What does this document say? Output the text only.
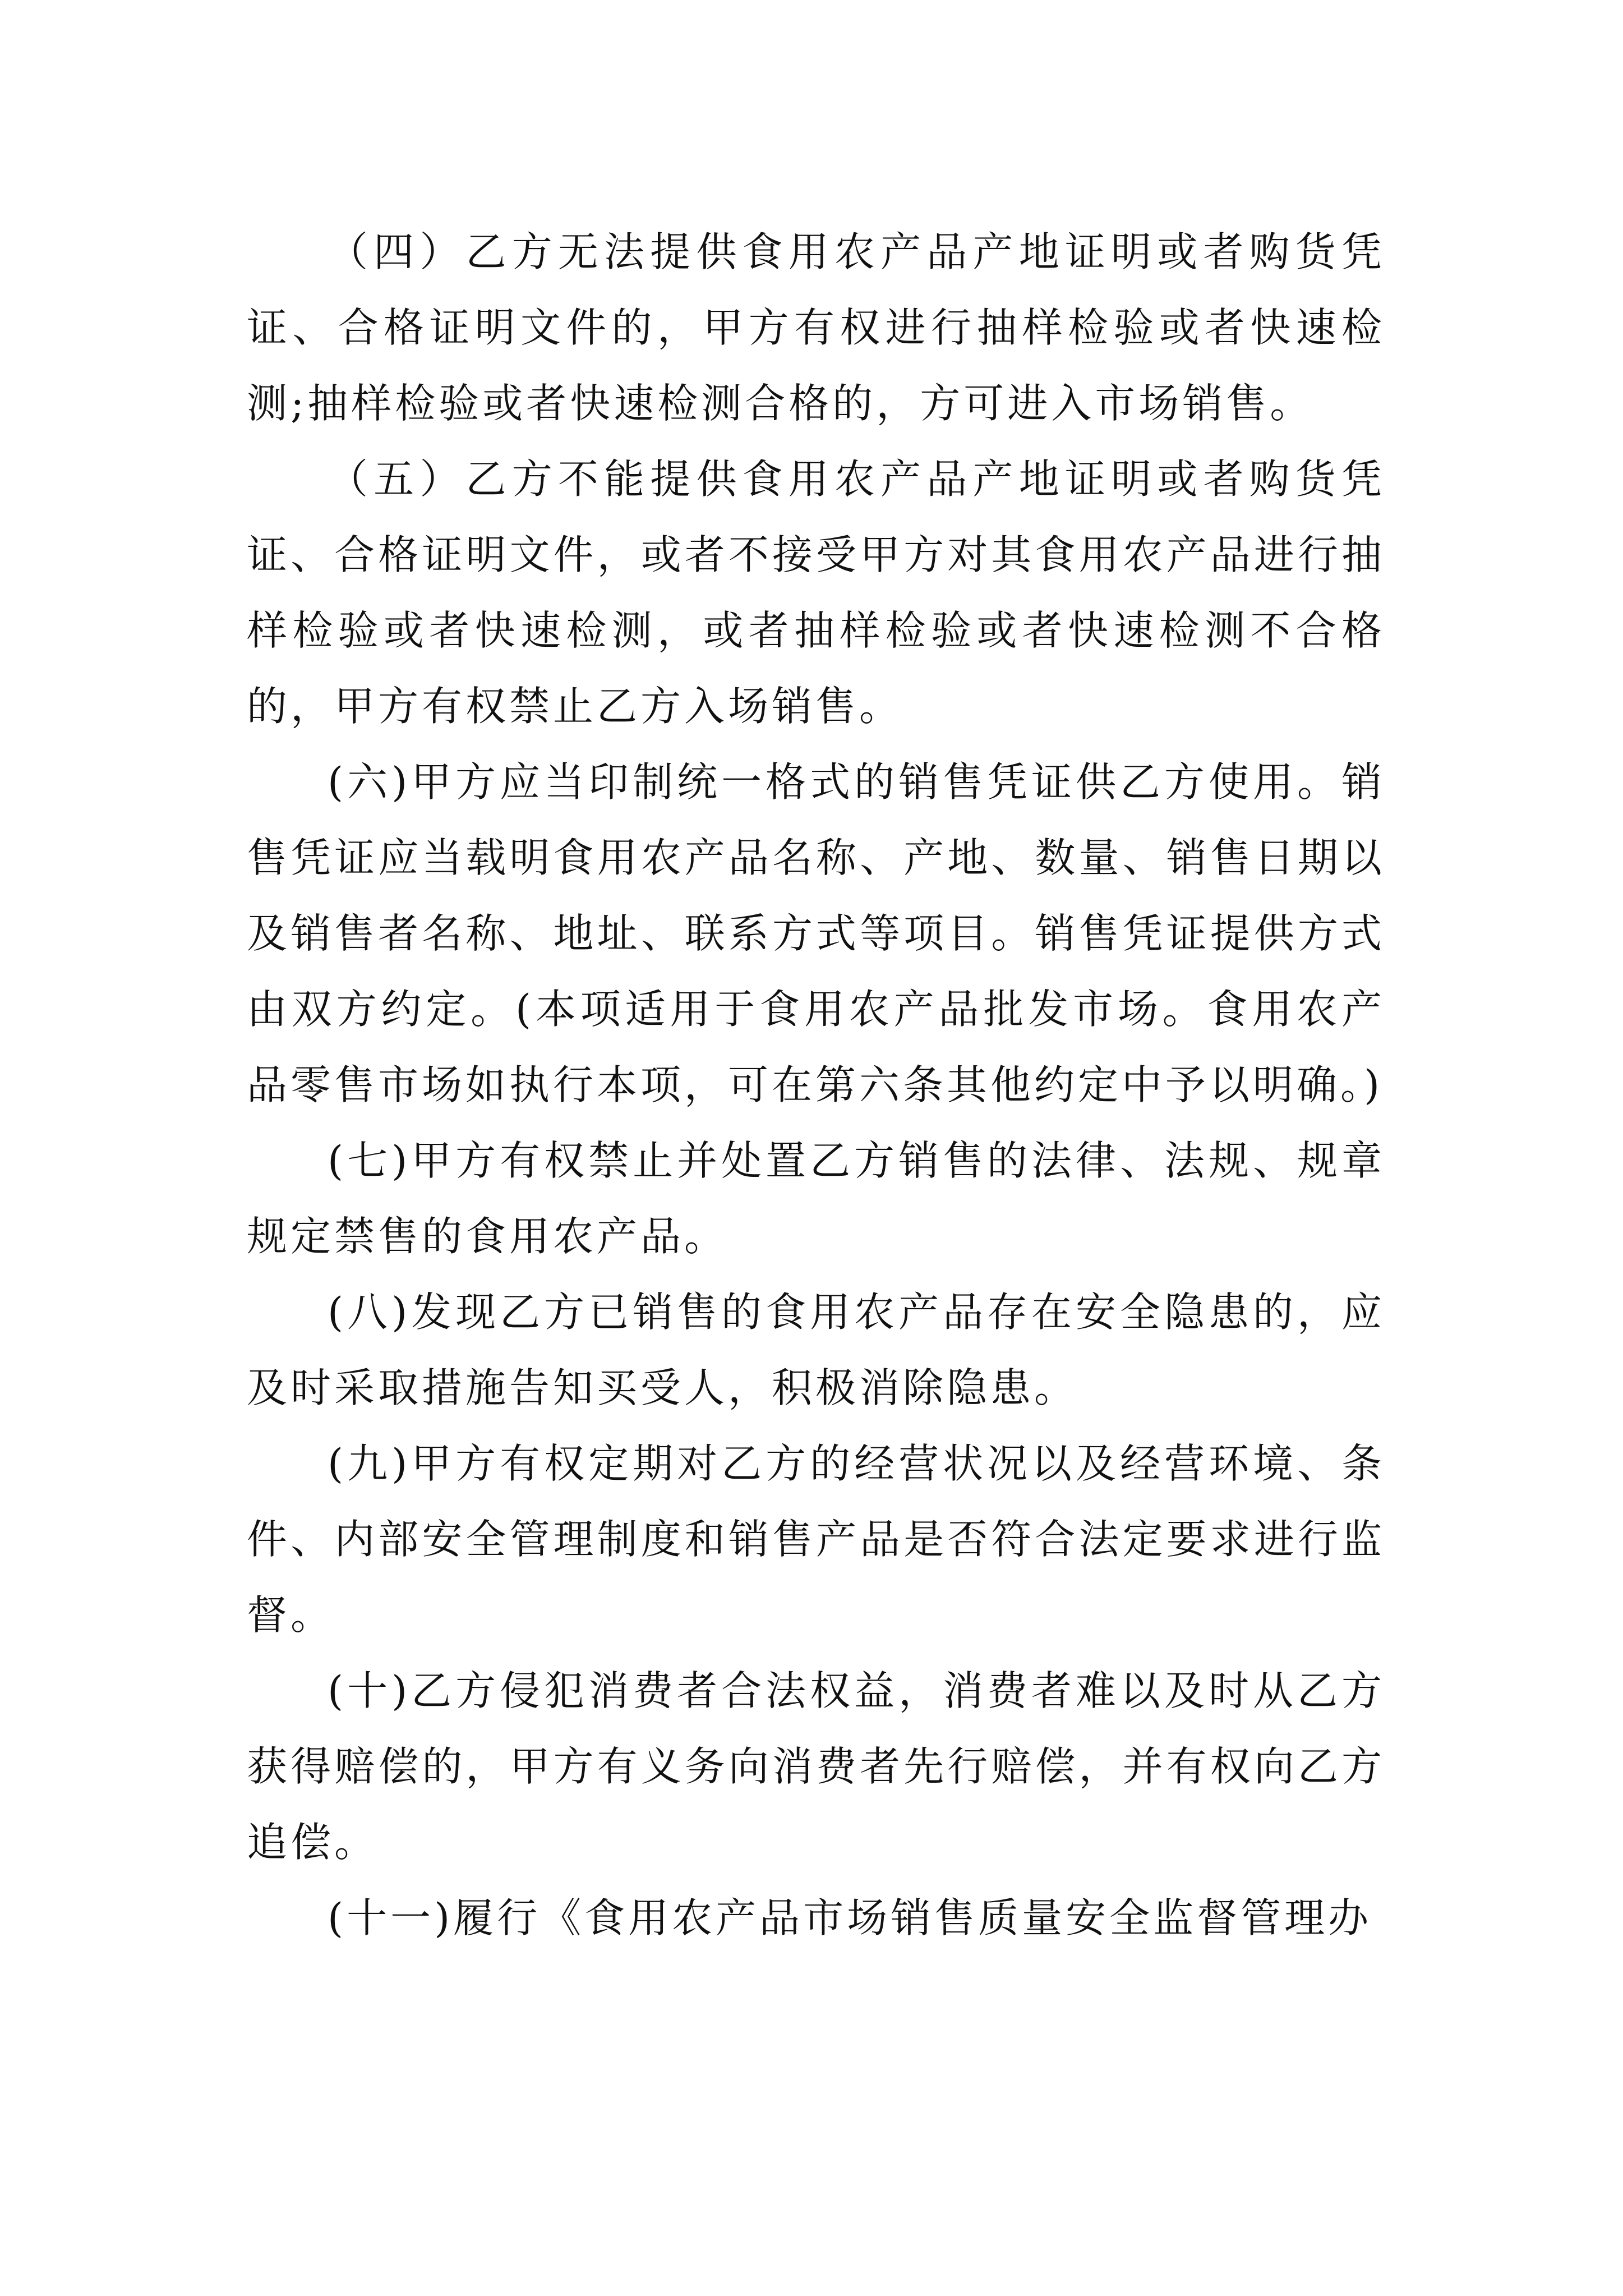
（四）乙方无法提供食用农产品产地证明或者购货凭证、合格证明文件的，甲方有权进行抽样检验或者快速检测;抽样检验或者快速检测合格的，方可进入市场销售。

（五）乙方不能提供食用农产品产地证明或者购货凭证、合格证明文件，或者不接受甲方对其食用农产品进行抽样检验或者快速检测，或者抽样检验或者快速检测不合格的，甲方有权禁止乙方入场销售。

(六)甲方应当印制统一格式的销售凭证供乙方使用。销售凭证应当载明食用农产品名称、产地、数量、销售日期以及销售者名称、地址、联系方式等项目。销售凭证提供方式由双方约定。(本项适用于食用农产品批发市场。食用农产品零售市场如执行本项，可在第六条其他约定中予以明确。)

(七)甲方有权禁止并处置乙方销售的法律、法规、规章规定禁售的食用农产品。

(八)发现乙方已销售的食用农产品存在安全隐患的，应及时采取措施告知买受人，积极消除隐患。

(九)甲方有权定期对乙方的经营状况以及经营环境、条件、内部安全管理制度和销售产品是否符合法定要求进行监督。

(十)乙方侵犯消费者合法权益，消费者难以及时从乙方获得赔偿的，甲方有义务向消费者先行赔偿，并有权向乙方追偿。

(十一)履行《食用农产品市场销售质量安全监督管理办
